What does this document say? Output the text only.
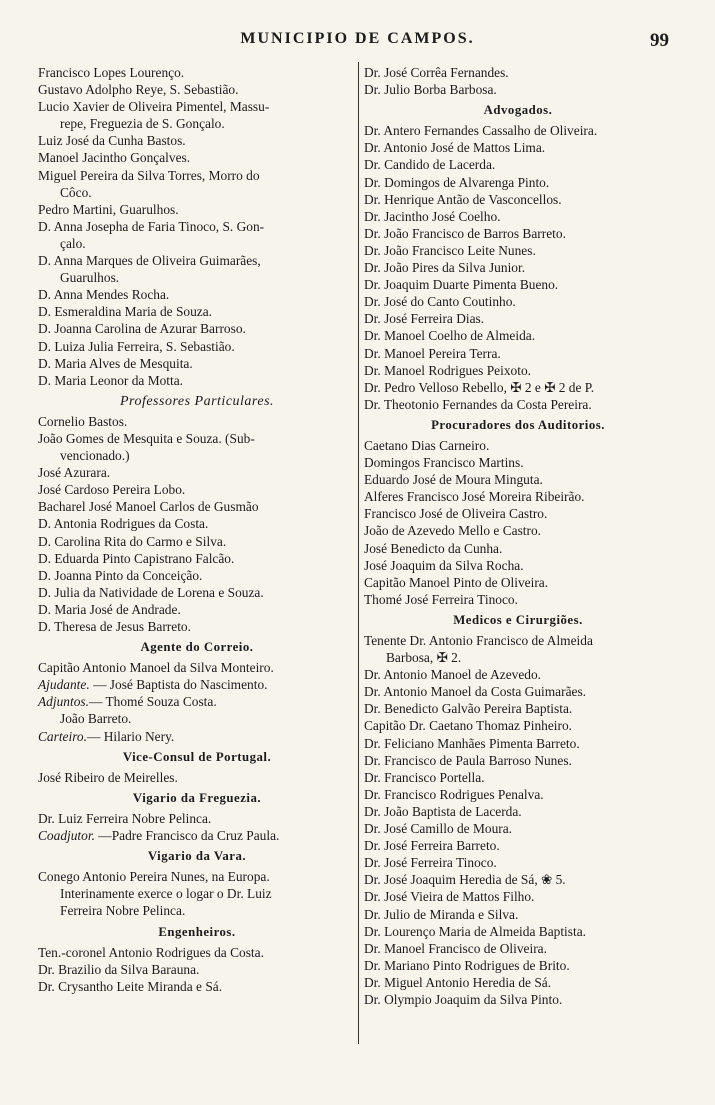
MUNICIPIO DE CAMPOS.	99
Francisco Lopes Lourenço.
Gustavo Adolpho Reye, S. Sebastião.
Lucio Xavier de Oliveira Pimentel, Massu-
repe, Freguezia de S. Gonçalo.
Luiz José da Cunha Bastos.
Manoel Jacintho Gonçalves.
Miguel Pereira da Silva Torres, Morro do
Côco.
Pedro Martini, Guarulhos.
D. Anna Josepha de Faria Tinoco, S. Gon-
çalo.
D. Anna Marques de Oliveira Guimarães,
Guarulhos.
D. Anna Mendes Rocha.
D. Esmeraldina Maria de Souza.
D. Joanna Carolina de Azurar Barroso.
D. Luiza Julia Ferreira, S. Sebastião.
D. Maria Alves de Mesquita.
D. Maria Leonor da Motta.
Professores Particulares.
Cornelio Bastos.
João Gomes de Mesquita e Souza. (Sub-
vencionado.)
José Azurara.
José Cardoso Pereira Lobo.
Bacharel José Manoel Carlos de Gusmão
D. Antonia Rodrigues da Costa.
D. Carolina Rita do Carmo e Silva.
D. Eduarda Pinto Capistrano Falcão.
D. Joanna Pinto da Conceição.
D. Julia da Natividade de Lorena e Souza.
D. Maria José de Andrade.
D. Theresa de Jesus Barreto.
Agente do Correio.
Capitão Antonio Manoel da Silva Monteiro.
Ajudante. — José Baptista do Nascimento.
Adjuntos.— Thomé Souza Costa.
João Barreto.
Carteiro.— Hilario Nery.
Vice-Consul de Portugal.
José Ribeiro de Meirelles.
Vigario da Freguezia.
Dr. Luiz Ferreira Nobre Pelinca.
Coadjutor. —Padre Francisco da Cruz Paula.
Vigario da Vara.
Conego Antonio Pereira Nunes, na Europa.
Interinamente exerce o logar o Dr. Luiz
Ferreira Nobre Pelinca.
Engenheiros.
Ten.-coronel Antonio Rodrigues da Costa.
Dr. Brazilio da Silva Barauna.
Dr. Crysantho Leite Miranda e Sá.
Dr. José Corrêa Fernandes.
Dr. Julio Borba Barbosa.
Advogados.
Dr. Antero Fernandes Cassalho de Oliveira.
Dr. Antonio José de Mattos Lima.
Dr. Candido de Lacerda.
Dr. Domingos de Alvarenga Pinto.
Dr. Henrique Antão de Vasconcellos.
Dr. Jacintho José Coelho.
Dr. João Francisco de Barros Barreto.
Dr. João Francisco Leite Nunes.
Dr. João Pires da Silva Junior.
Dr. Joaquim Duarte Pimenta Bueno.
Dr. José do Canto Coutinho.
Dr. José Ferreira Dias.
Dr. Manoel Coelho de Almeida.
Dr. Manoel Pereira Terra.
Dr. Manoel Rodrigues Peixoto.
Dr. Pedro Velloso Rebello, ✠ 2 e ✠ 2 de P.
Dr. Theotonio Fernandes da Costa Pereira.
Procuradores dos Auditorios.
Caetano Dias Carneiro.
Domingos Francisco Martins.
Eduardo José de Moura Minguta.
Alferes Francisco José Moreira Ribeirão.
Francisco José de Oliveira Castro.
João de Azevedo Mello e Castro.
José Benedicto da Cunha.
José Joaquim da Silva Rocha.
Capitão Manoel Pinto de Oliveira.
Thomé José Ferreira Tinoco.
Medicos e Cirurgiões.
Tenente Dr. Antonio Francisco de Almeida
Barbosa, ✠ 2.
Dr. Antonio Manoel de Azevedo.
Dr. Antonio Manoel da Costa Guimarães.
Dr. Benedicto Galvão Pereira Baptista.
Capitão Dr. Caetano Thomaz Pinheiro.
Dr. Feliciano Manhães Pimenta Barreto.
Dr. Francisco de Paula Barroso Nunes.
Dr. Francisco Portella.
Dr. Francisco Rodrigues Penalva.
Dr. João Baptista de Lacerda.
Dr. José Camillo de Moura.
Dr. José Ferreira Barreto.
Dr. José Ferreira Tinoco.
Dr. José Joaquim Heredia de Sá, ❀ 5.
Dr. José Vieira de Mattos Filho.
Dr. Julio de Miranda e Silva.
Dr. Lourenço Maria de Almeida Baptista.
Dr. Manoel Francisco de Oliveira.
Dr. Mariano Pinto Rodrigues de Brito.
Dr. Miguel Antonio Heredia de Sá.
Dr. Olympio Joaquim da Silva Pinto.
